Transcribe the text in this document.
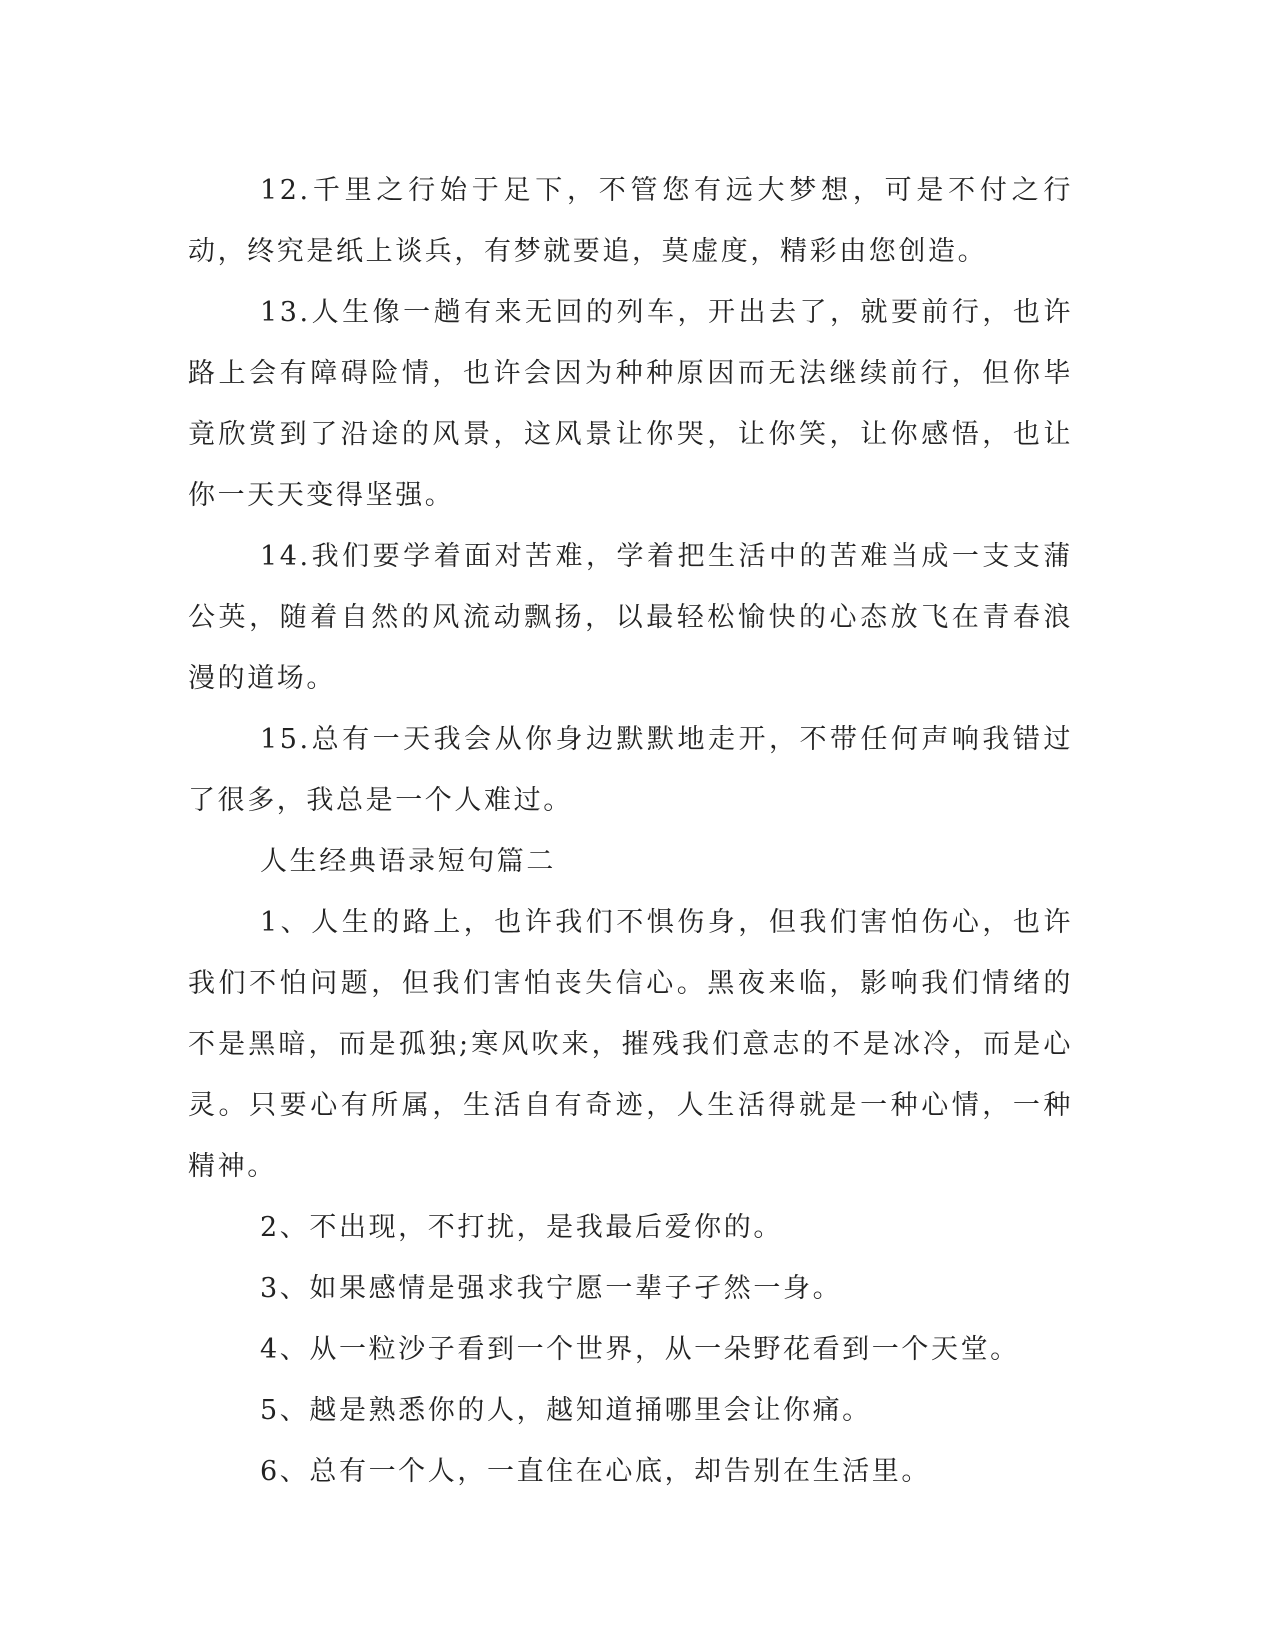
12.千里之行始于足下，不管您有远大梦想，可是不付之行动，终究是纸上谈兵，有梦就要追，莫虚度，精彩由您创造。

13.人生像一趟有来无回的列车，开出去了，就要前行，也许路上会有障碍险情，也许会因为种种原因而无法继续前行，但你毕竟欣赏到了沿途的风景，这风景让你哭，让你笑，让你感悟，也让你一天天变得坚强。

14.我们要学着面对苦难，学着把生活中的苦难当成一支支蒲公英，随着自然的风流动飘扬，以最轻松愉快的心态放飞在青春浪漫的道场。

15.总有一天我会从你身边默默地走开，不带任何声响我错过了很多，我总是一个人难过。

人生经典语录短句篇二

1、人生的路上，也许我们不惧伤身，但我们害怕伤心，也许我们不怕问题，但我们害怕丧失信心。黑夜来临，影响我们情绪的不是黑暗，而是孤独;寒风吹来，摧残我们意志的不是冰冷，而是心灵。只要心有所属，生活自有奇迹，人生活得就是一种心情，一种精神。

2、不出现，不打扰，是我最后爱你的。

3、如果感情是强求我宁愿一辈子孑然一身。

4、从一粒沙子看到一个世界，从一朵野花看到一个天堂。

5、越是熟悉你的人，越知道捅哪里会让你痛。

6、总有一个人，一直住在心底，却告别在生活里。
